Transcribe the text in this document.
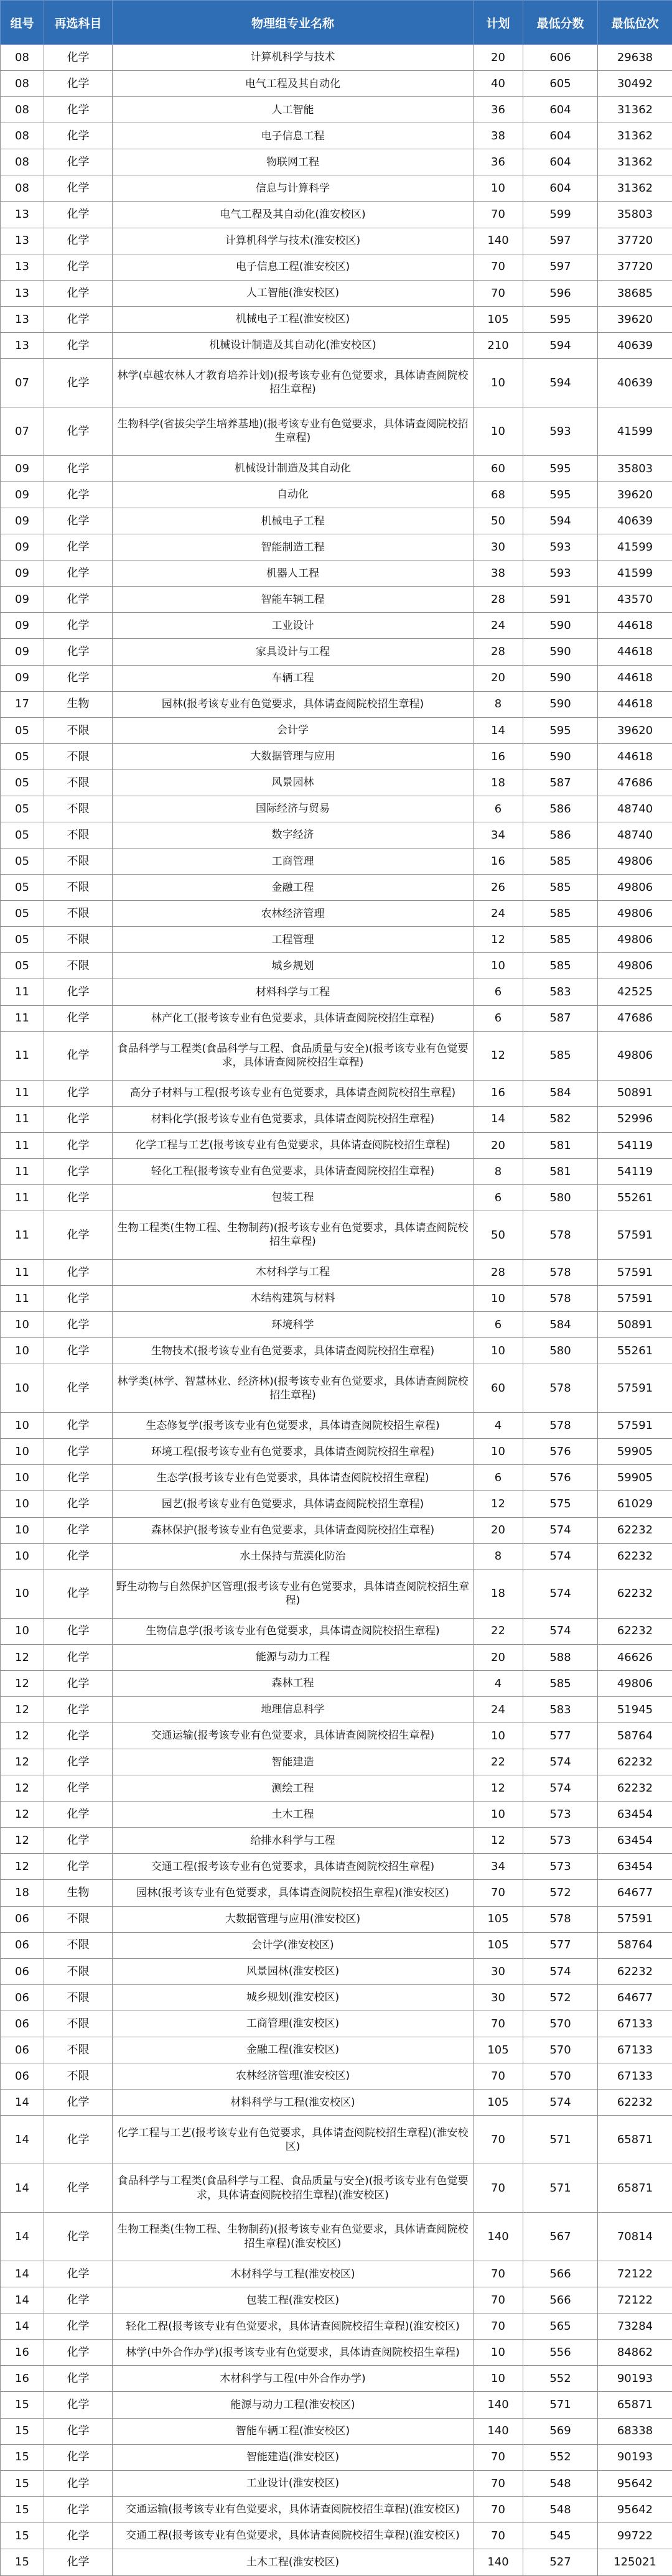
组号	再选科目	物理组专业名称	计划	最低分数	最低位次
08	化学	计算机科学与技术	20	606	29638
08	化学	电气工程及其自动化	40	605	30492
08	化学	人工智能	36	604	31362
08	化学	电子信息工程	38	604	31362
08	化学	物联网工程	36	604	31362
08	化学	信息与计算科学	10	604	31362
13	化学	电气工程及其自动化(淮安校区)	70	599	35803
13	化学	计算机科学与技术(淮安校区)	140	597	37720
13	化学	电子信息工程(淮安校区)	70	597	37720
13	化学	人工智能(淮安校区)	70	596	38685
13	化学	机械电子工程(淮安校区)	105	595	39620
13	化学	机械设计制造及其自动化(淮安校区)	210	594	40639
07	化学	林学(卓越农林人才教育培养计划)(报考该专业有色觉要求，具体请查阅院校招生章程)	10	594	40639
07	化学	生物科学(省拔尖学生培养基地)(报考该专业有色觉要求，具体请查阅院校招生章程)	10	593	41599
09	化学	机械设计制造及其自动化	60	595	35803
09	化学	自动化	68	595	39620
09	化学	机械电子工程	50	594	40639
09	化学	智能制造工程	30	593	41599
09	化学	机器人工程	38	593	41599
09	化学	智能车辆工程	28	591	43570
09	化学	工业设计	24	590	44618
09	化学	家具设计与工程	28	590	44618
09	化学	车辆工程	20	590	44618
17	生物	园林(报考该专业有色觉要求，具体请查阅院校招生章程)	8	590	44618
05	不限	会计学	14	595	39620
05	不限	大数据管理与应用	16	590	44618
05	不限	风景园林	18	587	47686
05	不限	国际经济与贸易	6	586	48740
05	不限	数字经济	34	586	48740
05	不限	工商管理	16	585	49806
05	不限	金融工程	26	585	49806
05	不限	农林经济管理	24	585	49806
05	不限	工程管理	12	585	49806
05	不限	城乡规划	10	585	49806
11	化学	材料科学与工程	6	583	42525
11	化学	林产化工(报考该专业有色觉要求，具体请查阅院校招生章程)	6	587	47686
11	化学	食品科学与工程类(食品科学与工程、食品质量与安全)(报考该专业有色觉要求，具体请查阅院校招生章程)	12	585	49806
11	化学	高分子材料与工程(报考该专业有色觉要求，具体请查阅院校招生章程)	16	584	50891
11	化学	材料化学(报考该专业有色觉要求，具体请查阅院校招生章程)	14	582	52996
11	化学	化学工程与工艺(报考该专业有色觉要求，具体请查阅院校招生章程)	20	581	54119
11	化学	轻化工程(报考该专业有色觉要求，具体请查阅院校招生章程)	8	581	54119
11	化学	包装工程	6	580	55261
11	化学	生物工程类(生物工程、生物制药)(报考该专业有色觉要求，具体请查阅院校招生章程)	50	578	57591
11	化学	木材科学与工程	28	578	57591
11	化学	木结构建筑与材料	10	578	57591
10	化学	环境科学	6	584	50891
10	化学	生物技术(报考该专业有色觉要求，具体请查阅院校招生章程)	10	580	55261
10	化学	林学类(林学、智慧林业、经济林)(报考该专业有色觉要求，具体请查阅院校招生章程)	60	578	57591
10	化学	生态修复学(报考该专业有色觉要求，具体请查阅院校招生章程)	4	578	57591
10	化学	环境工程(报考该专业有色觉要求，具体请查阅院校招生章程)	10	576	59905
10	化学	生态学(报考该专业有色觉要求，具体请查阅院校招生章程)	6	576	59905
10	化学	园艺(报考该专业有色觉要求，具体请查阅院校招生章程)	12	575	61029
10	化学	森林保护(报考该专业有色觉要求，具体请查阅院校招生章程)	20	574	62232
10	化学	水土保持与荒漠化防治	8	574	62232
10	化学	野生动物与自然保护区管理(报考该专业有色觉要求，具体请查阅院校招生章程)	18	574	62232
10	化学	生物信息学(报考该专业有色觉要求，具体请查阅院校招生章程)	22	574	62232
12	化学	能源与动力工程	20	588	46626
12	化学	森林工程	4	585	49806
12	化学	地理信息科学	24	583	51945
12	化学	交通运输(报考该专业有色觉要求，具体请查阅院校招生章程)	10	577	58764
12	化学	智能建造	22	574	62232
12	化学	测绘工程	12	574	62232
12	化学	土木工程	10	573	63454
12	化学	给排水科学与工程	12	573	63454
12	化学	交通工程(报考该专业有色觉要求，具体请查阅院校招生章程)	34	573	63454
18	生物	园林(报考该专业有色觉要求，具体请查阅院校招生章程)(淮安校区)	70	572	64677
06	不限	大数据管理与应用(淮安校区)	105	578	57591
06	不限	会计学(淮安校区)	105	577	58764
06	不限	风景园林(淮安校区)	30	574	62232
06	不限	城乡规划(淮安校区)	30	572	64677
06	不限	工商管理(淮安校区)	70	570	67133
06	不限	金融工程(淮安校区)	105	570	67133
06	不限	农林经济管理(淮安校区)	70	570	67133
14	化学	材料科学与工程(淮安校区)	105	574	62232
14	化学	化学工程与工艺(报考该专业有色觉要求，具体请查阅院校招生章程)(淮安校区)	70	571	65871
14	化学	食品科学与工程类(食品科学与工程、食品质量与安全)(报考该专业有色觉要求，具体请查阅院校招生章程)(淮安校区)	70	571	65871
14	化学	生物工程类(生物工程、生物制药)(报考该专业有色觉要求，具体请查阅院校招生章程)(淮安校区)	140	567	70814
14	化学	木材科学与工程(淮安校区)	70	566	72122
14	化学	包装工程(淮安校区)	70	566	72122
14	化学	轻化工程(报考该专业有色觉要求，具体请查阅院校招生章程)(淮安校区)	70	565	73284
16	化学	林学(中外合作办学)(报考该专业有色觉要求，具体请查阅院校招生章程)	10	556	84862
16	化学	木材科学与工程(中外合作办学)	10	552	90193
15	化学	能源与动力工程(淮安校区)	140	571	65871
15	化学	智能车辆工程(淮安校区)	140	569	68338
15	化学	智能建造(淮安校区)	70	552	90193
15	化学	工业设计(淮安校区)	70	548	95642
15	化学	交通运输(报考该专业有色觉要求，具体请查阅院校招生章程)(淮安校区)	70	548	95642
15	化学	交通工程(报考该专业有色觉要求，具体请查阅院校招生章程)(淮安校区)	70	545	99722
15	化学	土木工程(淮安校区)	140	527	125021
